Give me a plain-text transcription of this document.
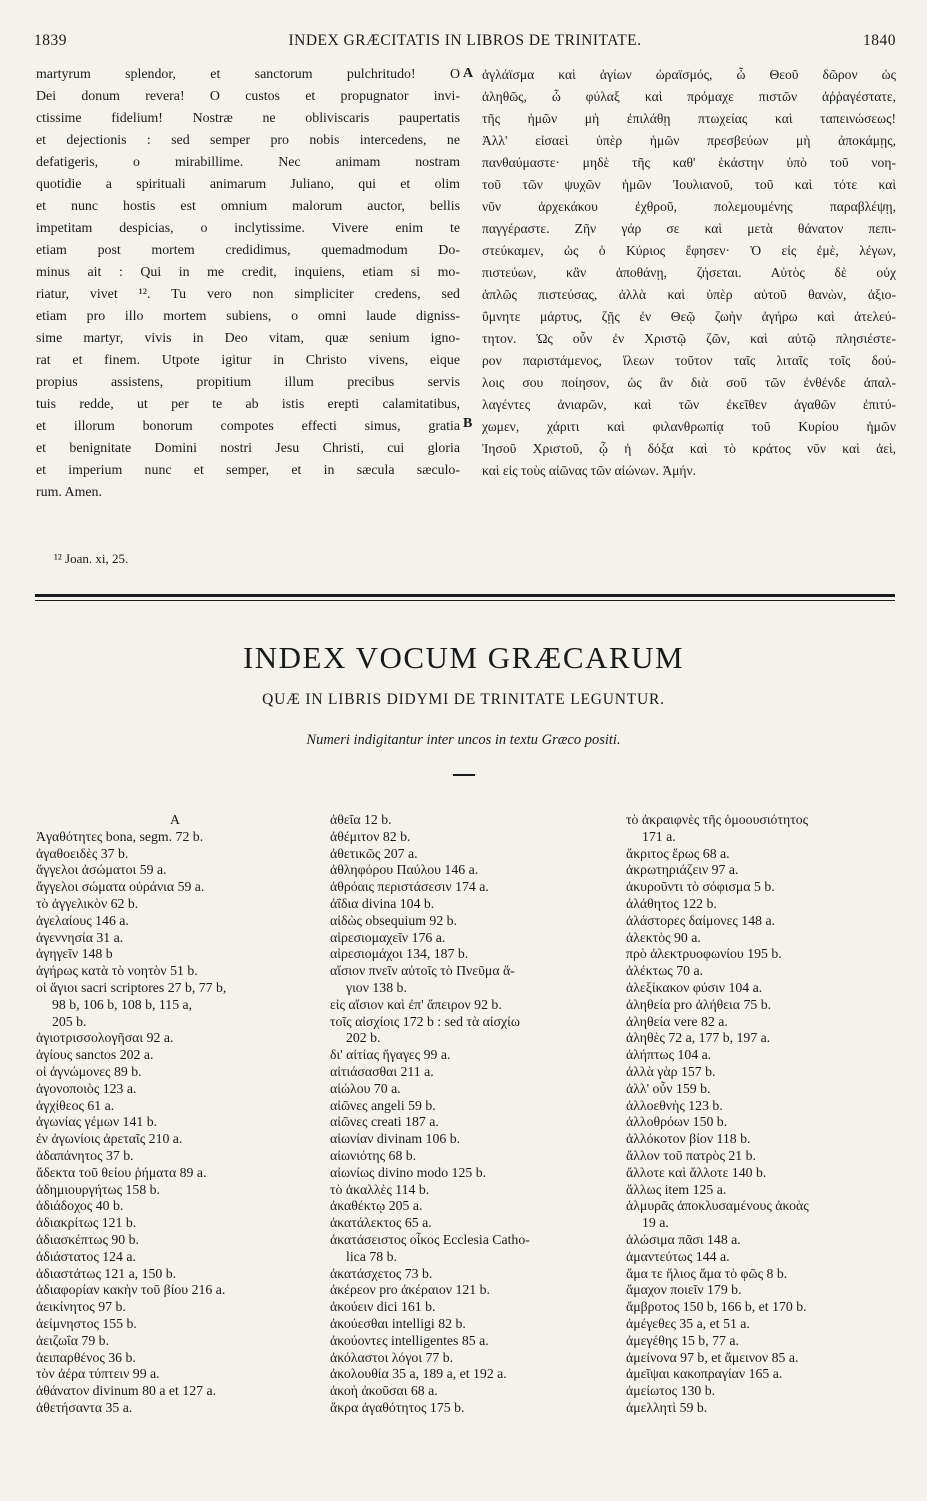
1839	INDEX GRÆCITATIS IN LIBROS DE TRINITATE.	1840
martyrum splendor, et sanctorum pulchritudo! O
Dei donum revera! O custos et propugnator invi-
ctissime fidelium! Nostræ ne obliviscaris paupertatis
et dejectionis : sed semper pro nobis intercedens, ne
defatigeris, o mirabillime. Nec animam nostram
quotidie a spirituali animarum Juliano, qui et olim
et nunc hostis est omnium malorum auctor, bellis
impetitam despicias, o inclytissime. Vivere enim te
etiam post mortem credidimus, quemadmodum Do-
minus ait : Qui in me credit, inquiens, etiam si mo-
riatur, vivet ¹². Tu vero non simpliciter credens, sed
etiam pro illo mortem subiens, o omni laude digniss-
sime martyr, vivis in Deo vitam, quæ senium igno-
rat et finem. Utpote igitur in Christo vivens, eique
propius assistens, propitium illum precibus servis
tuis redde, ut per te ab istis erepti calamitatibus,
et illorum bonorum compotes effecti simus, gratia
et benignitate Domini nostri Jesu Christi, cui gloria
et imperium nunc et semper, et in sæcula sæculo-
rum. Amen.
A
B
ἀγλάϊσμα καὶ ἁγίων ὡραϊσμός, ὦ Θεοῦ δῶρον ὡς
ἀληθῶς, ὦ φύλαξ καὶ πρόμαχε πιστῶν ἀῤῥαγέστατε,
τῆς ἡμῶν μὴ ἐπιλάθῃ πτωχείας καὶ ταπεινώσεως!
Ἀλλ' εἰσαεὶ ὑπὲρ ἡμῶν πρεσβεύων μὴ ἀποκάμῃς,
πανθαύμαστε· μηδὲ τῆς καθ' ἑκάστην ὑπὸ τοῦ νοη-
τοῦ τῶν ψυχῶν ἡμῶν Ἰουλιανοῦ, τοῦ καὶ τότε καὶ
νῦν ἀρχεκάκου ἐχθροῦ, πολεμουμένης παραβλέψῃ,
παγγέραστε. Ζῆν γάρ σε καὶ μετὰ θάνατον πεπι-
στεύκαμεν, ὡς ὁ Κύριος ἔφησεν· Ὁ εἰς ἐμὲ, λέγων,
πιστεύων, κἂν ἀποθάνῃ, ζήσεται. Αὐτὸς δὲ οὐχ
ἁπλῶς πιστεύσας, ἀλλὰ καὶ ὑπὲρ αὐτοῦ θανὼν, ἀξιο-
ΰμνητε μάρτυς, ζῇς ἐν Θεῷ ζωὴν ἀγήρω καὶ ἀτελεύ-
τητον. Ὡς οὖν ἐν Χριστῷ ζῶν, καὶ αὐτῷ πλησιέστε-
ρον παριστάμενος, ἵλεων τοῦτον ταῖς λιταῖς τοῖς δού-
λοις σου ποίησον, ὡς ἂν διὰ σοῦ τῶν ἐνθένδε ἀπαλ-
λαγέντες ἀνιαρῶν, καὶ τῶν ἐκεῖθεν ἀγαθῶν ἐπιτύ-
χωμεν, χάριτι καὶ φιλανθρωπίᾳ τοῦ Κυρίου ἡμῶν
Ἰησοῦ Χριστοῦ, ᾧ ἡ δόξα καὶ τὸ κράτος νῦν καὶ ἀεὶ,
καὶ εἰς τοὺς αἰῶνας τῶν αἰώνων. Ἀμήν.
¹² Joan. xi, 25.
INDEX VOCUM GRÆCARUM
QUÆ IN LIBRIS DIDYMI DE TRINITATE LEGUNTUR.
Numeri indigitantur inter uncos in textu Græco positi.
A
Ἀγαθότητες bona, segm. 72 b.
ἀγαθοειδὲς 37 b.
ἄγγελοι ἀσώματοι 59 a.
ἄγγελοι σώματα οὐράνια 59 a.
τὸ ἀγγελικὸν 62 b.
ἀγελαίους 146 a.
ἀγεννησία 31 a.
ἀγηγεῖν 148 b
ἀγήρως κατὰ τὸ νοητὸν 51 b.
οἱ ἅγιοι sacri scriptores 27 b, 77 b,
98 b, 106 b, 108 b, 115 a,
205 b.
ἁγιοτρισσολογῆσαι 92 a.
ἁγίους sanctos 202 a.
οἱ ἀγνώμονες 89 b.
ἁγονοποιὸς 123 a.
ἀγχίθεος 61 a.
ἀγωνίας γέμων 141 b.
ἐν ἀγωνίοις ἀρεταῖς 210 a.
ἀδαπάνητος 37 b.
ἄδεκτα τοῦ θείου ῥήματα 89 a.
ἀδημιουργήτως 158 b.
ἀδιάδοχος 40 b.
ἀδιακρίτως 121 b.
ἀδιασκέπτως 90 b.
ἀδιάστατος 124 a.
ἀδιαστάτως 121 a, 150 b.
ἀδιαφορίαν κακὴν τοῦ βίου 216 a.
ἀεικίνητος 97 b.
ἀείμνηστος 155 b.
ἀειζωΐα 79 b.
ἀειπαρθένος 36 b.
τὸν ἀέρα τύπτειν 99 a.
ἀθάνατον divinum 80 a et 127 a.
ἀθετήσαντα 35 a.
ἀθεΐα 12 b.
ἀθέμιτον 82 b.
ἀθετικῶς 207 a.
ἀθληφόρου Παύλου 146 a.
ἀθρόαις περιστάσεσιν 174 a.
ἀΐδια divina 104 b.
αἰδὼς obsequium 92 b.
αἱρεσιομαχεῖν 176 a.
αἱρεσιομάχοι 134, 187 b.
αἴσιον πνεῖν αὐτοῖς τὸ Πνεῦμα ἅ-
γιον 138 b.
εἰς αἴσιον καὶ ἐπ' ἄπειρον 92 b.
τοῖς αἰσχίοις 172 b : sed τὰ αἰσχίω
202 b.
δι' αἰτίας ἤγαγες 99 a.
αἰτιάσασθαι 211 a.
αἰώλου 70 a.
αἰῶνες angeli 59 b.
αἰῶνες creati 187 a.
αἰωνίαν divinam 106 b.
αἰωνιότης 68 b.
αἰωνίως divino modo 125 b.
τὸ ἀκαλλὲς 114 b.
ἀκαθέκτῳ 205 a.
ἀκατάλεκτος 65 a.
ἀκατάσειστος οἶκος Ecclesia Catho-
lica 78 b.
ἀκατάσχετος 73 b.
ἀκέρεον pro ἀκέραιον 121 b.
ἀκούειν dici 161 b.
ἀκούεσθαι intelligi 82 b.
ἀκούοντες intelligentes 85 a.
ἀκόλαστοι λόγοι 77 b.
ἀκολουθία 35 a, 189 a, et 192 a.
ἀκοὴ ἀκοῦσαι 68 a.
ἄκρα ἀγαθότητος 175 b.
τὸ ἀκραιφνὲς τῆς ὁμοουσιότητος
171 a.
ἄκριτος ἔρως 68 a.
ἀκρωτηριάζειν 97 a.
ἀκυροῦντι τὸ σόφισμα 5 b.
ἀλάθητος 122 b.
ἀλάστορες δαίμονες 148 a.
ἀλεκτὸς 90 a.
πρὸ ἀλεκτρυοφωνίου 195 b.
ἀλέκτως 70 a.
ἀλεξίκακον φύσιν 104 a.
ἀληθεία pro ἀλήθεια 75 b.
ἀληθεία vere 82 a.
ἀληθὲς 72 a, 177 b, 197 a.
ἀλήπτως 104 a.
ἀλλὰ γὰρ 157 b.
ἀλλ' οὖν 159 b.
ἀλλοεθνὴς 123 b.
ἀλλοθρόων 150 b.
ἀλλόκοτον βίον 118 b.
ἄλλον τοῦ πατρὸς 21 b.
ἄλλοτε καὶ ἄλλοτε 140 b.
ἄλλως item 125 a.
ἁλμυρᾶς ἀποκλυσαμένους ἀκοὰς
19 a.
ἁλώσιμα πᾶσι 148 a.
ἀμαντεύτως 144 a.
ἅμα τε ἥλιος ἅμα τὸ φῶς 8 b.
ἄμαχον ποιεῖν 179 b.
ἄμβροτος 150 b, 166 b, et 170 b.
ἀμέγεθες 35 a, et 51 a.
ἀμεγέθης 15 b, 77 a.
ἀμείνονα 97 b, et ἄμεινον 85 a.
ἀμεῖψαι κακοπραγίαν 165 a.
ἀμείωτος 130 b.
ἀμελλητὶ 59 b.
